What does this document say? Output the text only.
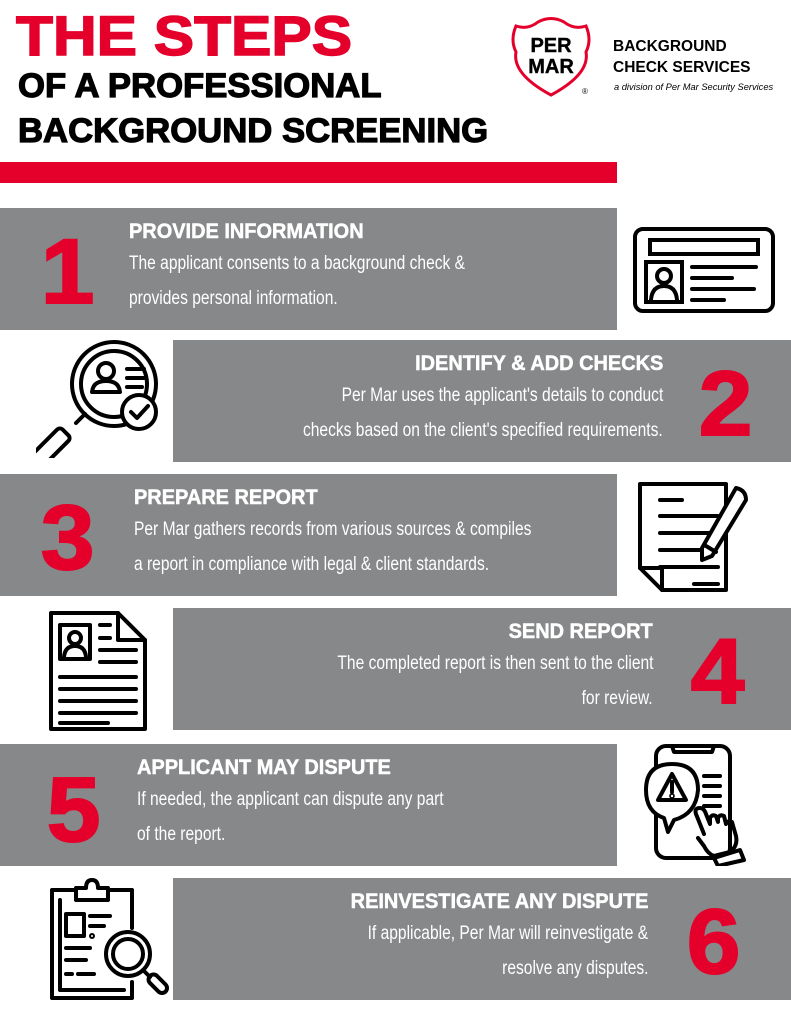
THE STEPS
OF A PROFESSIONAL
BACKGROUND SCREENING
PER
MAR
®
BACKGROUND
CHECK SERVICES
a division of Per Mar Security Services
1 PROVIDE INFORMATION
The applicant consents to a background check &
provides personal information.
IDENTIFY & ADD CHECKS
Per Mar uses the applicant's details to conduct
checks based on the client's specified requirements. 2
3 PREPARE REPORT
Per Mar gathers records from various sources & compiles
a report in compliance with legal & client standards.
SEND REPORT
The completed report is then sent to the client
for review. 4
5 APPLICANT MAY DISPUTE
If needed, the applicant can dispute any part
of the report.
REINVESTIGATE ANY DISPUTE
If applicable, Per Mar will reinvestigate &
resolve any disputes. 6
